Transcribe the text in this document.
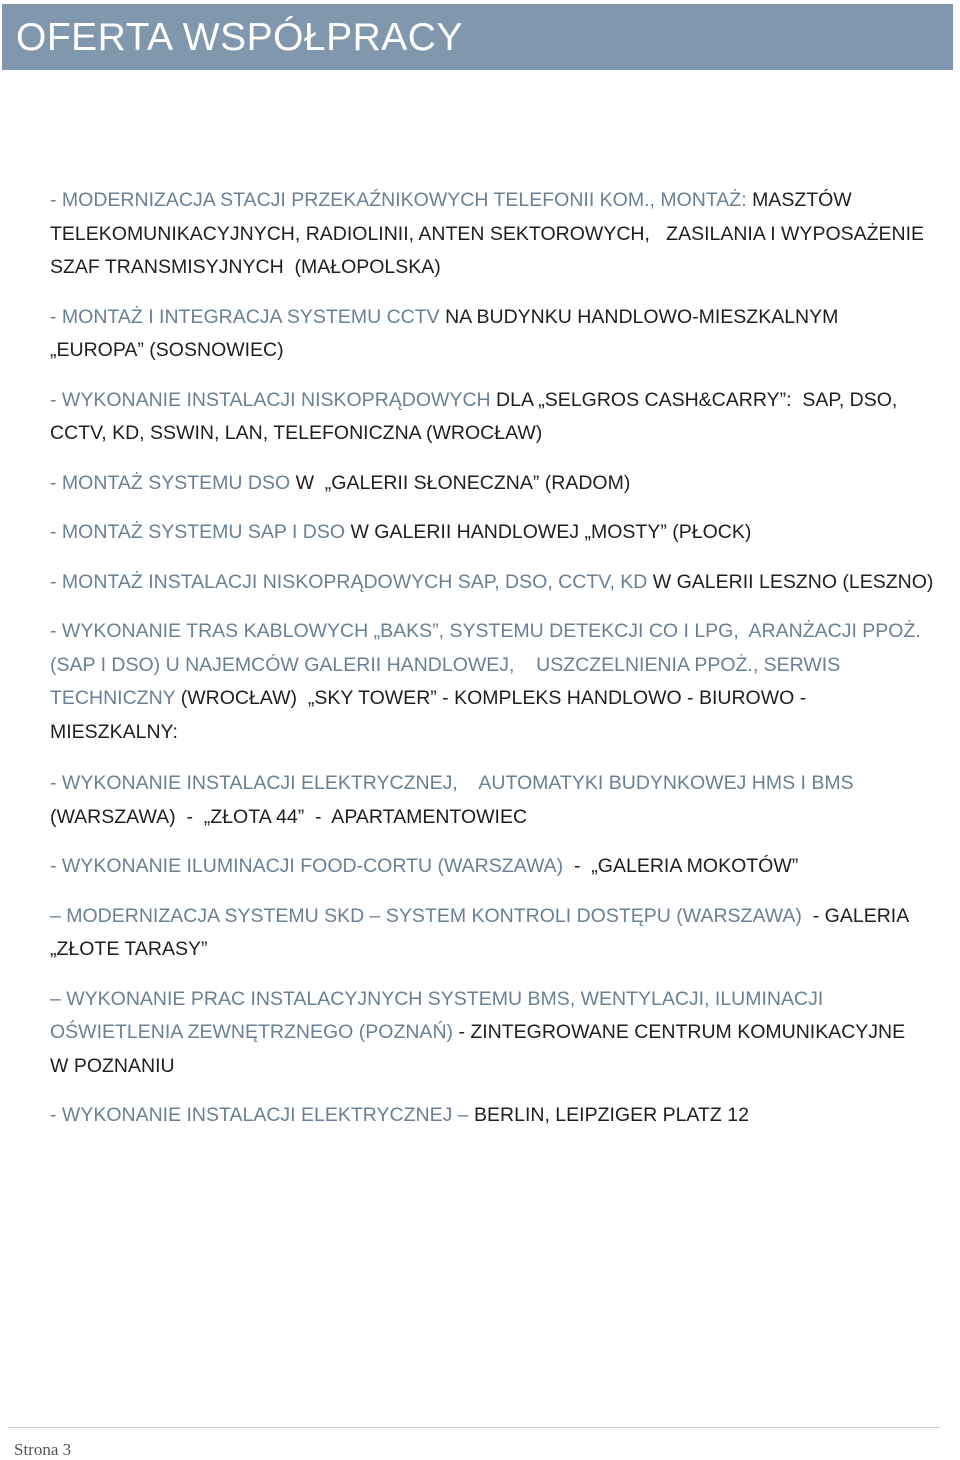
OFERTA WSPÓŁPRACY

- MODERNIZACJA STACJI PRZEKAŹNIKOWYCH TELEFONII KOM., MONTAŻ: MASZTÓW
TELEKOMUNIKACYJNYCH, RADIOLINII, ANTEN SEKTOROWYCH,   ZASILANIA I WYPOSAŻENIE
SZAF TRANSMISYJNYCH  (MAŁOPOLSKA)

- MONTAŻ I INTEGRACJA SYSTEMU CCTV NA BUDYNKU HANDLOWO-MIESZKALNYM
„EUROPA” (SOSNOWIEC)

- WYKONANIE INSTALACJI NISKOPRĄDOWYCH DLA „SELGROS CASH&CARRY”:  SAP, DSO,
CCTV, KD, SSWIN, LAN, TELEFONICZNA (WROCŁAW)

- MONTAŻ SYSTEMU DSO W  „GALERII SŁONECZNA” (RADOM)

- MONTAŻ SYSTEMU SAP I DSO W GALERII HANDLOWEJ „MOSTY” (PŁOCK)

- MONTAŻ INSTALACJI NISKOPRĄDOWYCH SAP, DSO, CCTV, KD W GALERII LESZNO (LESZNO)

- WYKONANIE TRAS KABLOWYCH „BAKS”, SYSTEMU DETEKCJI CO I LPG,  ARANŻACJI PPOŻ.
(SAP I DSO) U NAJEMCÓW GALERII HANDLOWEJ,    USZCZELNIENIA PPOŻ., SERWIS
TECHNICZNY (WROCŁAW)  „SKY TOWER” - KOMPLEKS HANDLOWO - BIUROWO -
MIESZKALNY:

- WYKONANIE INSTALACJI ELEKTRYCZNEJ,    AUTOMATYKI BUDYNKOWEJ HMS I BMS
(WARSZAWA)  -  „ZŁOTA 44”  -  APARTAMENTOWIEC

- WYKONANIE ILUMINACJI FOOD-CORTU (WARSZAWA)  -  „GALERIA MOKOTÓW”

– MODERNIZACJA SYSTEMU SKD – SYSTEM KONTROLI DOSTĘPU (WARSZAWA)  - GALERIA
„ZŁOTE TARASY”

– WYKONANIE PRAC INSTALACYJNYCH SYSTEMU BMS, WENTYLACJI, ILUMINACJI
OŚWIETLENIA ZEWNĘTRZNEGO (POZNAŃ) - ZINTEGROWANE CENTRUM KOMUNIKACYJNE
W POZNANIU

- WYKONANIE INSTALACJI ELEKTRYCZNEJ – BERLIN, LEIPZIGER PLATZ 12

Strona 3
